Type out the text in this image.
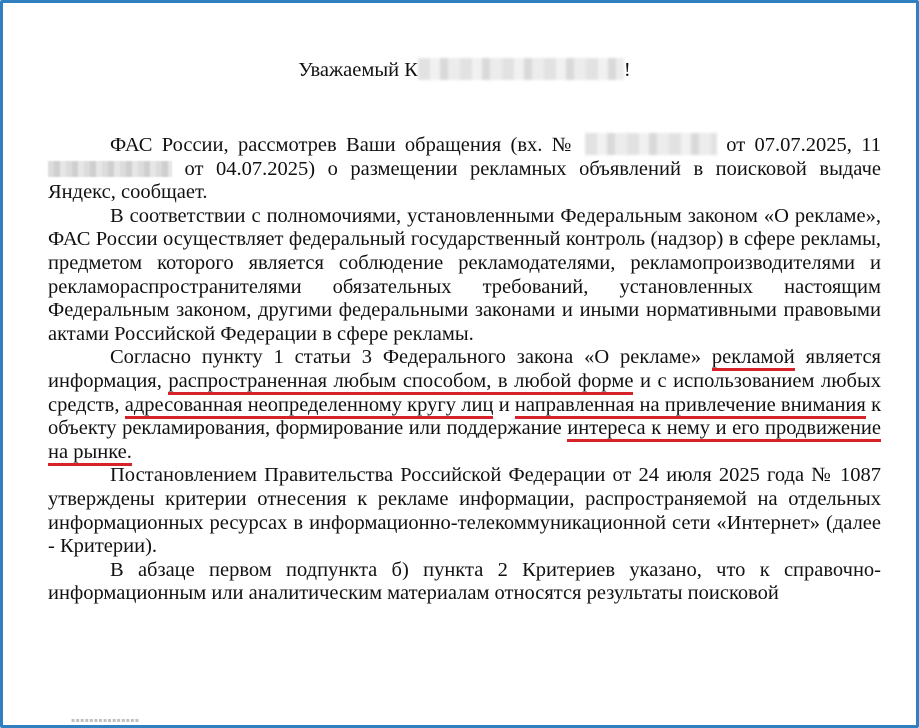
Уважаемый К	!

ФАС России, рассмотрев Ваши обращения (вх. №	от 07.07.2025, 11 от 04.07.2025) о размещении рекламных объявлений в поисковой выдаче Яндекс, сообщает.

В соответствии с полномочиями, установленными Федеральным законом «О рекламе», ФАС России осуществляет федеральный государственный контроль (надзор) в сфере рекламы, предметом которого является соблюдение рекламодателями, рекламопроизводителями и рекламораспространителями обязательных требований, установленных настоящим Федеральным законом, другими федеральными законами и иными нормативными правовыми актами Российской Федерации в сфере рекламы.

Согласно пункту 1 статьи 3 Федерального закона «О рекламе» рекламой является информация, распространенная любым способом, в любой форме и с использованием любых средств, адресованная неопределенному кругу лиц и направленная на привлечение внимания к объекту рекламирования, формирование или поддержание интереса к нему и его продвижение на рынке.

Постановлением Правительства Российской Федерации от 24 июля 2025 года № 1087 утверждены критерии отнесения к рекламе информации, распространяемой на отдельных информационных ресурсах в информационно-телекоммуникационной сети «Интернет» (далее - Критерии).

В абзаце первом подпункта б) пункта 2 Критериев указано, что к справочно-информационным или аналитическим материалам относятся результаты поисковой

▪▪▪▪▪▪▪▪▪▪▪▪▪▪▪
